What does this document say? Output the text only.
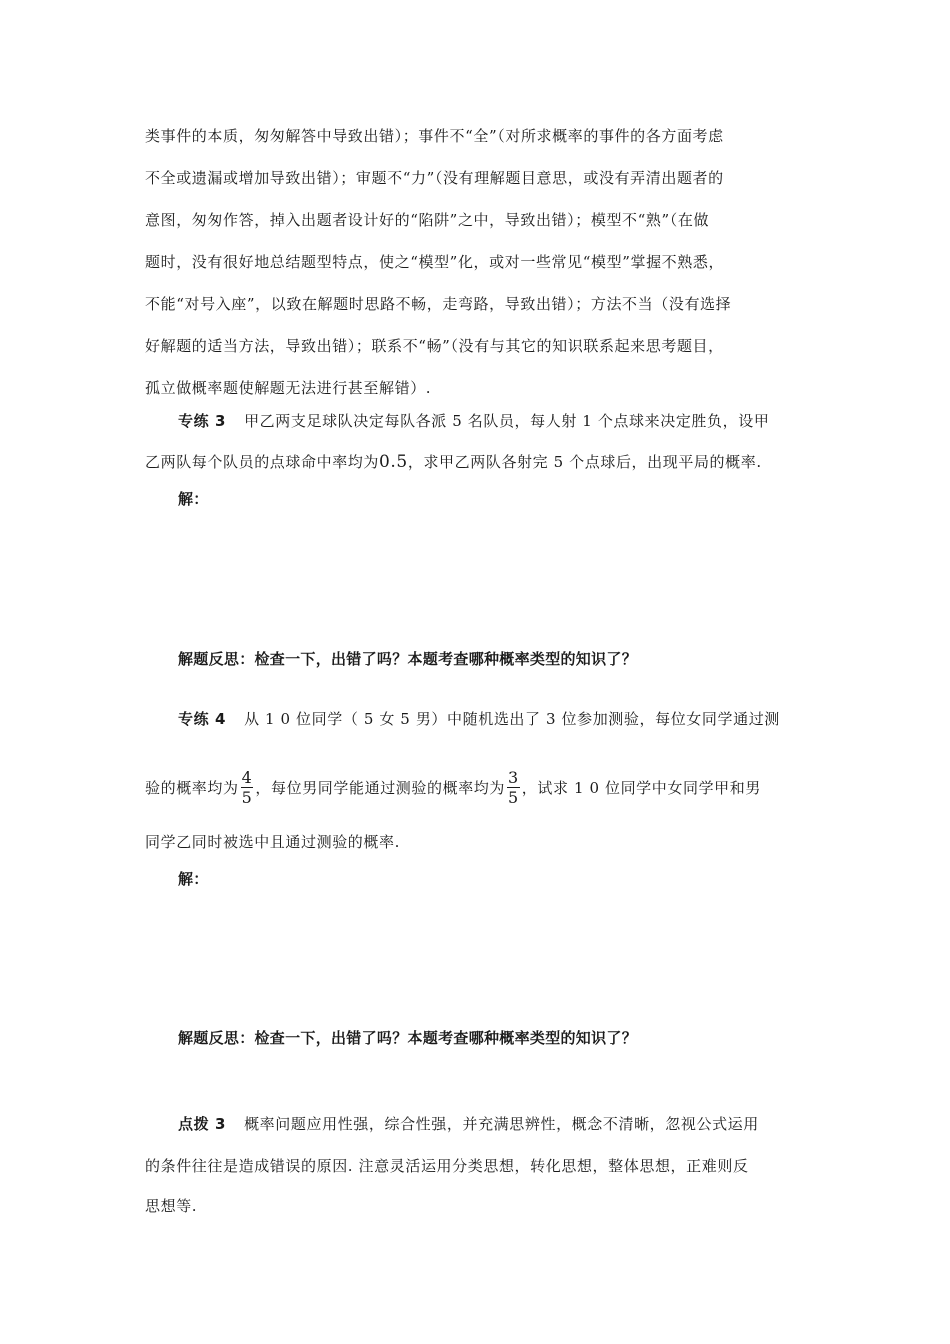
类事件的本质，匆匆解答中导致出错）；事件不“全”（对所求概率的事件的各方面考虑
不全或遗漏或增加导致出错）；审题不“力”（没有理解题目意思，或没有弄清出题者的
意图，匆匆作答，掉入出题者设计好的“陷阱”之中，导致出错）；模型不“熟”（在做
题时，没有很好地总结题型特点，使之“模型”化，或对一些常见“模型”掌握不熟悉，
不能“对号入座”，以致在解题时思路不畅，走弯路，导致出错）；方法不当（没有选择
好解题的适当方法，导致出错）；联系不“畅”（没有与其它的知识联系起来思考题目，
孤立做概率题使解题无法进行甚至解错）.
专练 3 甲乙两支足球队决定每队各派 5 名队员，每人射 1 个点球来决定胜负，设甲
乙两队每个队员的点球命中率均为0.5，求甲乙两队各射完 5 个点球后，出现平局的概率.
解：
解题反思：检查一下，出错了吗？本题考查哪种概率类型的知识了？
专练 4 从 1 0 位同学（ 5 女 5 男）中随机选出了 3 位参加测验，每位女同学通过测
验的概率均为 $\frac{4}{5}$ ，每位男同学能通过测验的概率均为 $\frac{3}{5}$ ，试求 1 0 位同学中女同学甲和男
同学乙同时被选中且通过测验的概率.
解：
解题反思：检查一下，出错了吗？本题考查哪种概率类型的知识了？
点拨 3 概率问题应用性强，综合性强，并充满思辨性，概念不清晰，忽视公式运用
的条件往往是造成错误的原因. 注意灵活运用分类思想，转化思想，整体思想，正难则反
思想等.
